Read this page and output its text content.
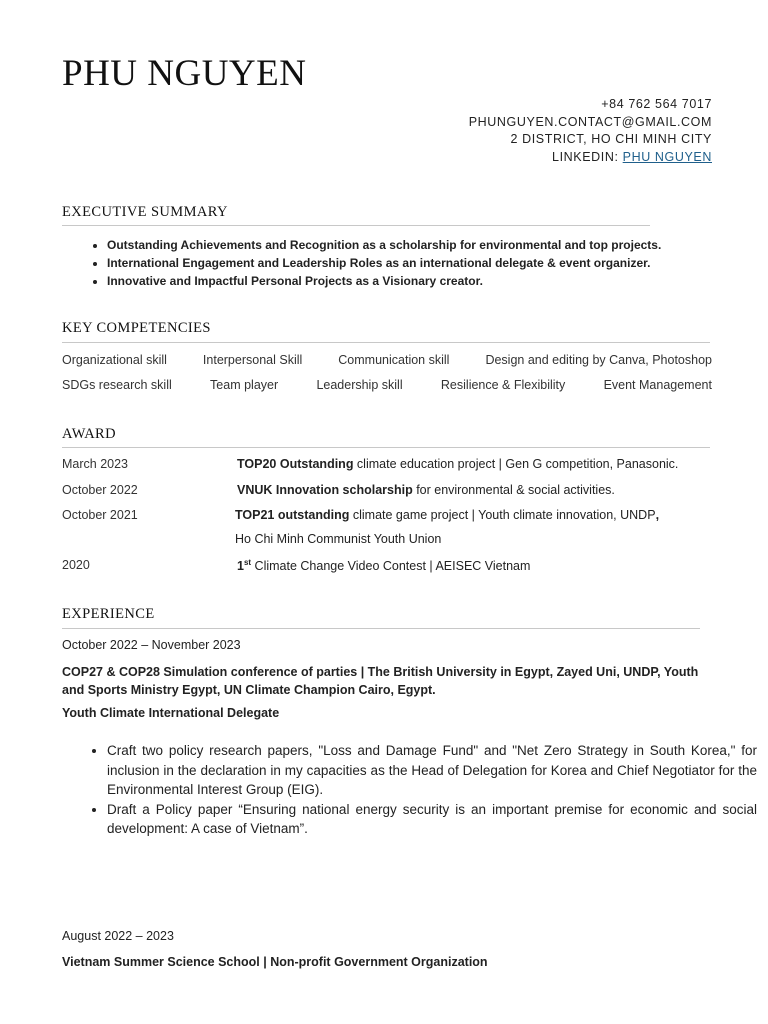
PHU NGUYEN
+84 762 564 7017
PHUNGUYEN.CONTACT@GMAIL.COM
2 DISTRICT, HO CHI MINH CITY
LINKEDIN: PHU NGUYEN
EXECUTIVE SUMMARY
• Outstanding Achievements and Recognition as a scholarship for environmental and top projects.
• International Engagement and Leadership Roles as an international delegate & event organizer.
• Innovative and Impactful Personal Projects as a Visionary creator.
KEY COMPETENCIES
Organizational skill	Interpersonal Skill	Communication skill	Design and editing by Canva, Photoshop
SDGs research skill	Team player	Leadership skill	Resilience & Flexibility	Event Management
AWARD
March 2023	TOP20 Outstanding climate education project | Gen G competition, Panasonic.
October 2022	VNUK Innovation scholarship for environmental & social activities.
October 2021	TOP21 outstanding climate game project | Youth climate innovation, UNDP,
Ho Chi Minh Communist Youth Union
2020	1st Climate Change Video Contest | AEISEC Vietnam
EXPERIENCE
October 2022 – November 2023
COP27 & COP28 Simulation conference of parties | The British University in Egypt, Zayed Uni, UNDP, Youth and Sports Ministry Egypt, UN Climate Champion Cairo, Egypt.
Youth Climate International Delegate
• Craft two policy research papers, "Loss and Damage Fund" and "Net Zero Strategy in South Korea," for inclusion in the declaration in my capacities as the Head of Delegation for Korea and Chief Negotiator for the Environmental Interest Group (EIG).
• Draft a Policy paper “Ensuring national energy security is an important premise for economic and social development: A case of Vietnam”.
August 2022 – 2023
Vietnam Summer Science School | Non-profit Government Organization
